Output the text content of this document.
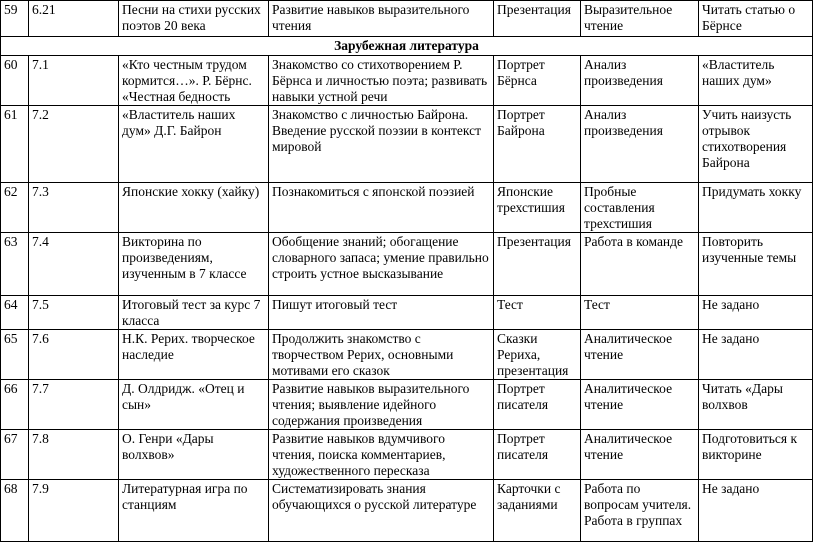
59	6.21	Песни на стихи русских поэтов 20 века	Развитие навыков выразительного чтения	Презентация	Выразительное чтение	Читать статью о Бёрнсе
Зарубежная литература						
60	7.1	«Кто честным трудом кормится…». Р. Бёрнс. «Честная бедность	Знакомство со стихотворением Р. Бёрнса и личностью поэта; развивать навыки устной речи	Портрет Бёрнса	Анализ произведения	«Властитель наших дум»
61	7.2	«Властитель наших дум» Д.Г. Байрон	Знакомство с личностью Байрона. Введение русской поэзии в контекст мировой	Портрет Байрона	Анализ произведения	Учить наизусть отрывок стихотворения Байрона
62	7.3	Японские хокку (хайку)	Познакомиться с японской поэзией	Японские трехстишия	Пробные составления трехстишия	Придумать хокку
63	7.4	Викторина по произведениям, изученным в 7 классе	Обобщение знаний; обогащение словарного запаса; умение правильно строить устное высказывание	Презентация	Работа в команде	Повторить изученные темы
64	7.5	Итоговый тест за курс 7 класса	Пишут итоговый тест	Тест	Тест	Не задано
65	7.6	Н.К. Рерих. творческое наследие	Продолжить знакомство с творчеством Рерих, основными мотивами его сказок	Сказки Рериха, презентация	Аналитическое чтение	Не задано
66	7.7	Д. Олдридж. «Отец и сын»	Развитие навыков выразительного чтения; выявление идейного содержания произведения	Портрет писателя	Аналитическое чтение	Читать «Дары волхвов
67	7.8	О. Генри «Дары волхвов»	Развитие навыков вдумчивого чтения, поиска комментариев, художественного пересказа	Портрет писателя	Аналитическое чтение	Подготовиться к викторине
68	7.9	Литературная игра по станциям	Систематизировать знания обучающихся о русской литературе	Карточки с заданиями	Работа по вопросам учителя. Работа в группах	Не задано
